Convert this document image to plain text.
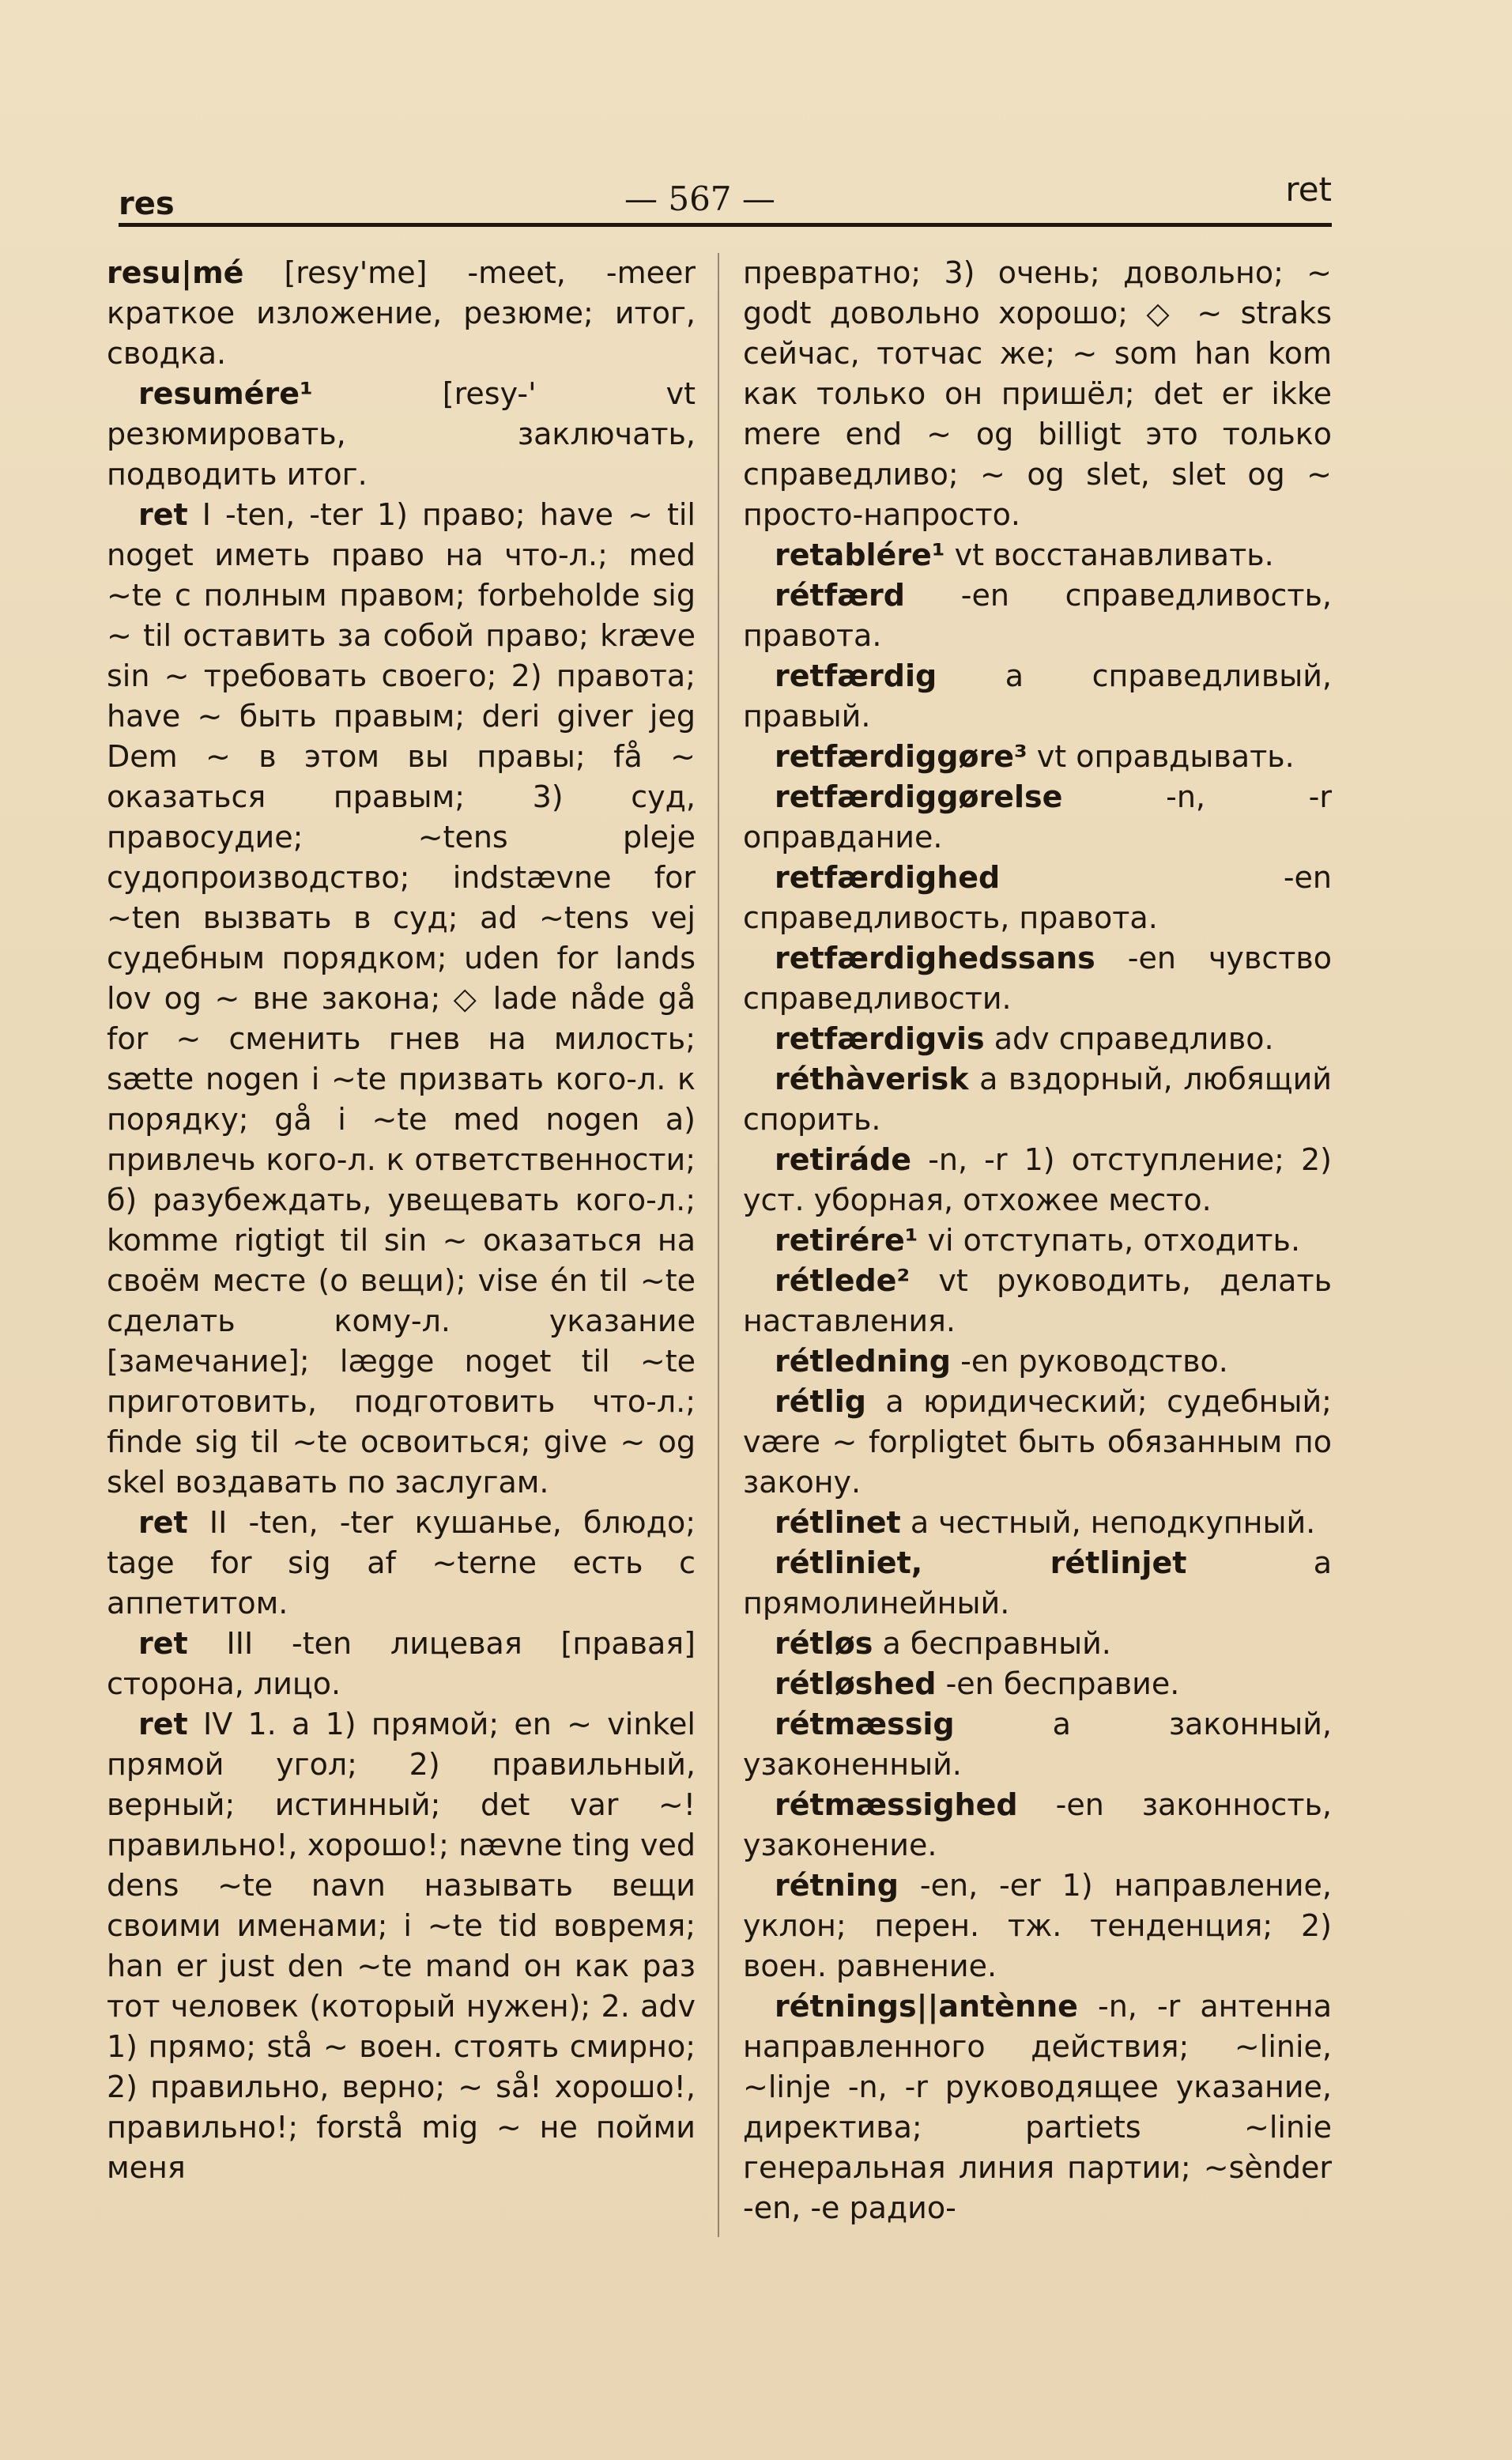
res	— 567 —	ret

resu|mé [resy'me] -meet, -meer краткое изложение, резюме; итог, сводка.

resumére¹	[resy-' vt резюмировать, заключать, подводить итог.

ret I -ten, -ter 1) право; have ~ til noget иметь право на что-л.; med ~te с полным правом; forbeholde sig ~ til оставить за собой право; kræve sin ~ требовать своего; 2) правота; have ~ быть правым; deri giver jeg Dem ~ в этом вы правы; få ~ оказаться правым; 3) суд, правосудие; ~tens pleje судопроизводство; indstævne for ~ten вызвать в суд; ad ~tens vej судебным порядком; uden for lands lov og ~ вне закона; ◇ lade nåde gå for ~ сменить гнев на милость; sætte nogen i ~te призвать кого-л. к порядку; gå i ~te med nogen а) привлечь кого-л. к ответственности; б) разубеждать, увещевать кого-л.; komme rigtigt til sin ~ оказаться на своём месте (о вещи); vise én til ~te сделать кому-л. указание [замечание]; lægge noget til ~te приготовить, подготовить что-л.; finde sig til ~te освоиться; give ~ og skel воздавать по заслугам.

ret II -ten, -ter кушанье, блюдо; tage for sig af ~terne есть с аппетитом.

ret III -ten лицевая [правая] сторона, лицо.

ret IV 1. a 1) прямой; en ~ vinkel прямой угол; 2) правильный, верный; истинный; det var ~! правильно!, хорошо!; nævne ting ved dens ~te navn называть вещи своими именами; i ~te tid вовремя; han er just den ~te mand он как раз тот человек (который нужен); 2. adv 1) прямо; stå ~ воен. стоять смирно; 2) правильно, верно; ~ så! хорошо!, правильно!; forstå mig ~ не пойми меня

превратно; 3) очень; довольно; ~ godt довольно хорошо; ◇ ~ straks сейчас, тотчас же; ~ som han kom как только он пришёл; det er ikke mere end ~ og billigt это только справедливо; ~ og slet, slet og ~ просто-напросто.

retablére¹ vt восстанавливать.

rétfærd -en справедливость, правота.

retfærdig a справедливый, правый.

retfærdiggøre³ vt оправдывать.

retfærdiggørelse	-n, -r оправдание.

retfærdighed	-en справедливость, правота.

retfærdighedssans -en чувство справедливости.

retfærdigvis adv справедливо.

réthàverisk a вздорный, любящий спорить.

retiráde -n, -r 1) отступление; 2) уст. уборная, отхожее место.

retirére¹ vi отступать, отходить.

rétlede² vt руководить, делать наставления.

rétledning -en руководство.

rétlig a юридический; судебный; være ~ forpligtet быть обязанным по закону.

rétlinet a честный, неподкупный.

rétliniet, rétlinjet	a прямолинейный.

rétløs a бесправный.

rétløshed -en бесправие.

rétmæssig	a законный, узаконенный.

rétmæssighed -en законность, узаконение.

rétning -en, -er 1) направление, уклон; перен. тж. тенденция; 2) воен. равнение.

rétnings||antènne -n, -r антенна направленного действия; ~linie, ~linje -n, -r руководящее указание, директива; partiets ~linie генеральная линия партии; ~sènder -en, -e радио-
